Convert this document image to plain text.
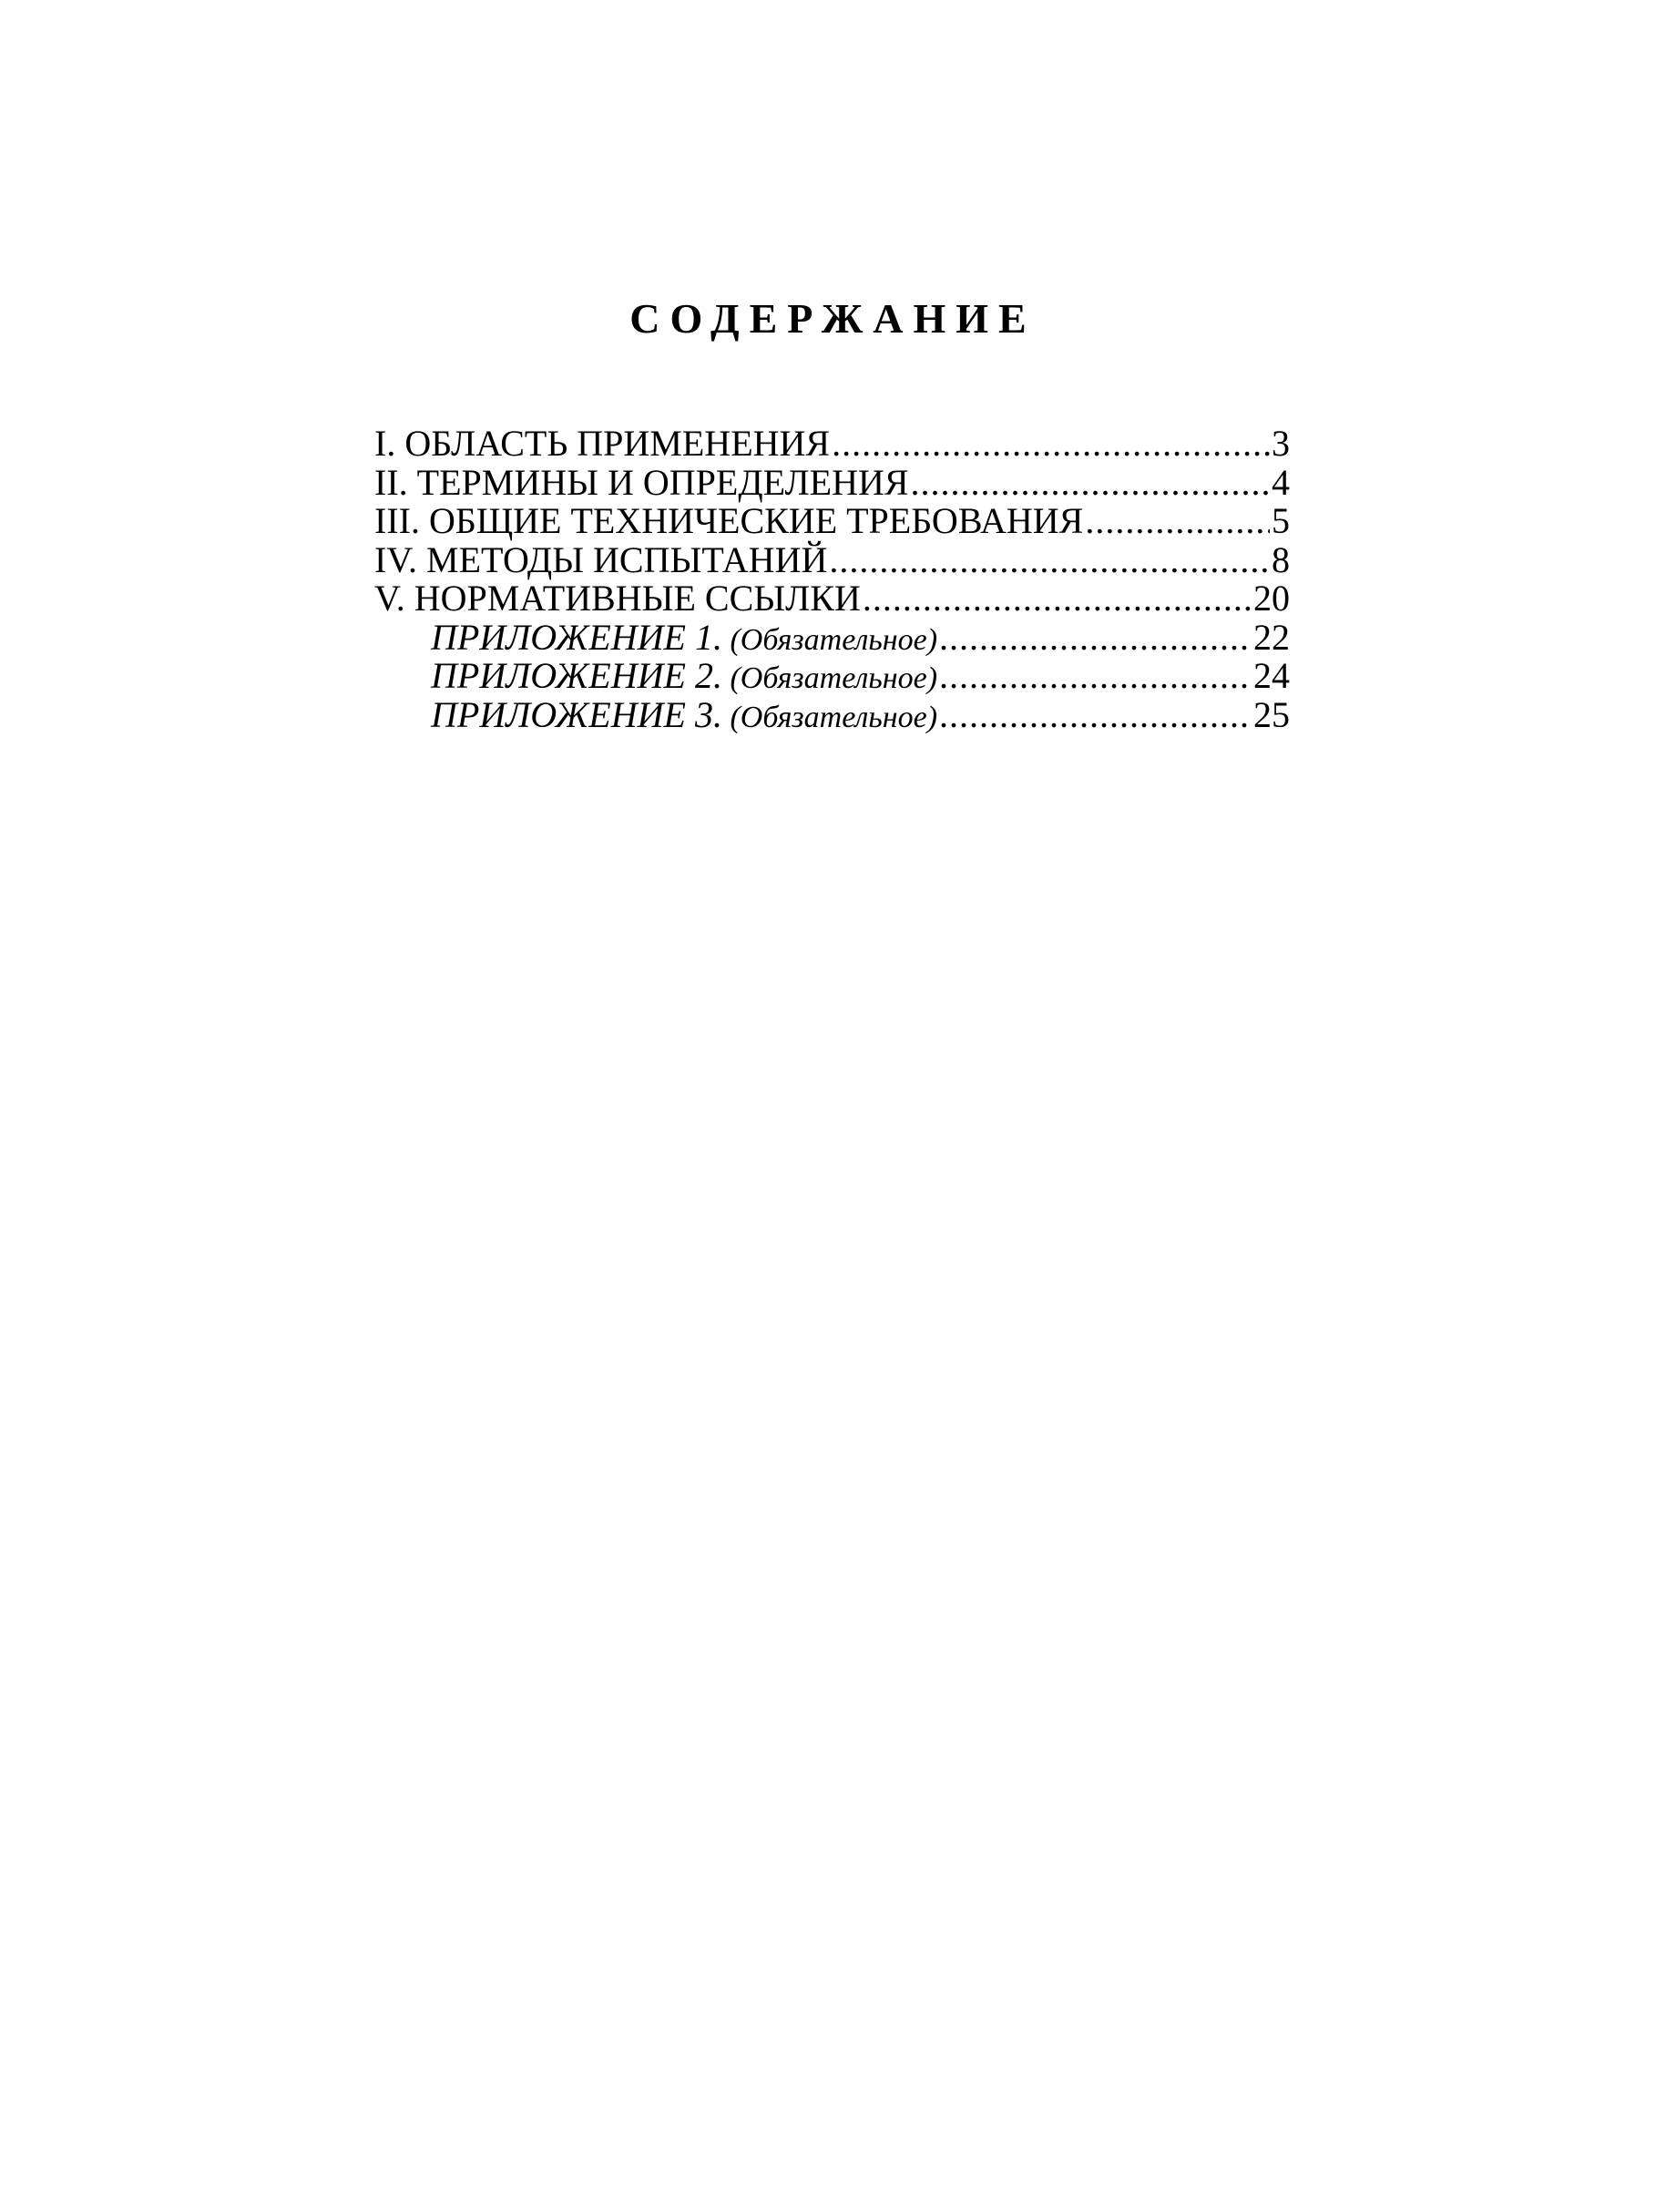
СОДЕРЖАНИЕ
I. ОБЛАСТЬ ПРИМЕНЕНИЯ .....	3
II. ТЕРМИНЫ И ОПРЕДЕЛЕНИЯ .....	4
III. ОБЩИЕ ТЕХНИЧЕСКИЕ ТРЕБОВАНИЯ .....	5
IV. МЕТОДЫ ИСПЫТАНИЙ .....	8
V. НОРМАТИВНЫЕ ССЫЛКИ .....	20
ПРИЛОЖЕНИЕ 1. (Обязательное) .....	22
ПРИЛОЖЕНИЕ 2. (Обязательное) .....	24
ПРИЛОЖЕНИЕ 3. (Обязательное) .....	25
